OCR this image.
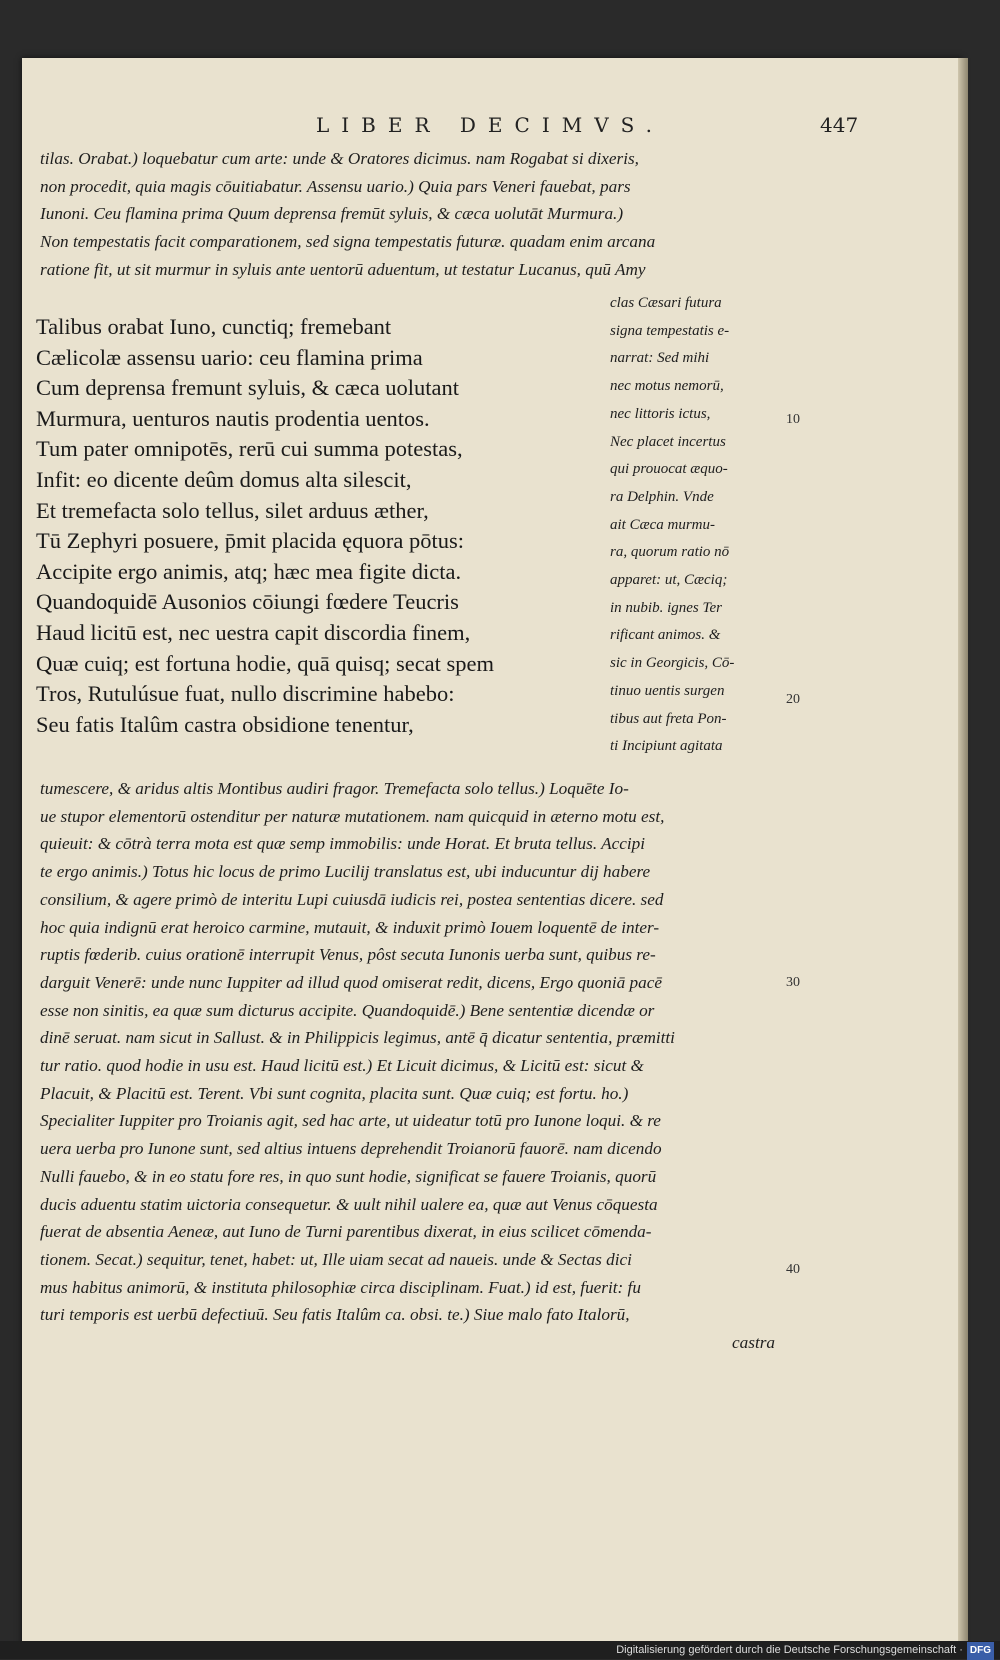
LIBER DECIMVS.	447
tilas. Orabat.) loquebatur cum arte: unde & Oratores dicimus. nam Rogabat si dixeris,
non procedit, quia magis cōuitiabatur. Assensu uario.) Quia pars Veneri fauebat, pars
Iunoni. Ceu flamina prima Quum deprensa fremūt syluis, & cæca uolutāt Murmura.)
Non tempestatis facit comparationem, sed signa tempestatis futuræ. quadam enim arcana
ratione fit, ut sit murmur in syluis ante uentorū aduentum, ut testatur Lucanus, quū Amy
Talibus orabat Iuno, cunctiq; fremebant
Cælicolæ assensu uario: ceu flamina prima
Cum deprensa fremunt syluis, & cæca uolutant
Murmura, uenturos nautis prodentia uentos.
Tum pater omnipotēs, rerū cui summa potestas,
Infit: eo dicente deûm domus alta silescit,
Et tremefacta solo tellus, silet arduus æther,
Tū Zephyri posuere, p̄mit placida ęquora pōtus:
Accipite ergo animis, atq; hæc mea figite dicta.
Quandoquidē Ausonios cōiungi fœdere Teucris
Haud licitū est, nec uestra capit discordia finem,
Quæ cuiq; est fortuna hodie, quā quisq; secat spem
Tros, Rutulúsue fuat, nullo discrimine habebo:
Seu fatis Italûm castra obsidione tenentur,
clas Cæsari futura
signa tempestatis e-
narrat: Sed mihi
nec motus nemorū,
nec littoris ictus,
Nec placet incertus
qui prouocat æquo-
ra Delphin. Vnde
ait Cæca murmu-
ra, quorum ratio nō
apparet: ut, Cæciq;
in nubib. ignes Ter
rificant animos. &
sic in Georgicis, Cō-
tinuo uentis surgen
tibus aut freta Pon-
ti Incipiunt agitata
tumescere, & aridus altis Montibus audiri fragor. Tremefacta solo tellus.) Loquēte Io-
ue stupor elementorū ostenditur per naturæ mutationem. nam quicquid in æterno motu est,
quieuit: & cōtrà terra mota est quæ semp immobilis: unde Horat. Et bruta tellus. Accipi
te ergo animis.) Totus hic locus de primo Lucilij translatus est, ubi inducuntur dij habere
consilium, & agere primò de interitu Lupi cuiusdā iudicis rei, postea sententias dicere. sed
hoc quia indignū erat heroico carmine, mutauit, & induxit primò Iouem loquentē de inter-
ruptis fœderib. cuius orationē interrupit Venus, pôst secuta Iunonis uerba sunt, quibus re-
darguit Venerē: unde nunc Iuppiter ad illud quod omiserat redit, dicens, Ergo quoniā pacē
esse non sinitis, ea quæ sum dicturus accipite. Quandoquidē.) Bene sententiæ dicendæ or
dinē seruat. nam sicut in Sallust. & in Philippicis legimus, antē q̄ dicatur sententia, præmitti
tur ratio. quod hodie in usu est. Haud licitū est.) Et Licuit dicimus, & Licitū est: sicut &
Placuit, & Placitū est. Terent. Vbi sunt cognita, placita sunt. Quæ cuiq; est fortu. ho.)
Specialiter Iuppiter pro Troianis agit, sed hac arte, ut uideatur totū pro Iunone loqui. & re
uera uerba pro Iunone sunt, sed altius intuens deprehendit Troianorū fauorē. nam dicendo
Nulli fauebo, & in eo statu fore res, in quo sunt hodie, significat se fauere Troianis, quorū
ducis aduentu statim uictoria consequetur. & uult nihil ualere ea, quæ aut Venus cōquesta
fuerat de absentia Aeneæ, aut Iuno de Turni parentibus dixerat, in eius scilicet cōmenda-
tionem. Secat.) sequitur, tenet, habet: ut, Ille uiam secat ad naueis. unde & Sectas dici
mus habitus animorū, & instituta philosophiæ circa disciplinam. Fuat.) id est, fuerit: fu
turi temporis est uerbū defectiuū. Seu fatis Italûm ca. obsi. te.) Siue malo fato Italorū,
castra
10
20
30
40
Digitalisierung gefördert durch die Deutsche Forschungsgemeinschaft · DFG
